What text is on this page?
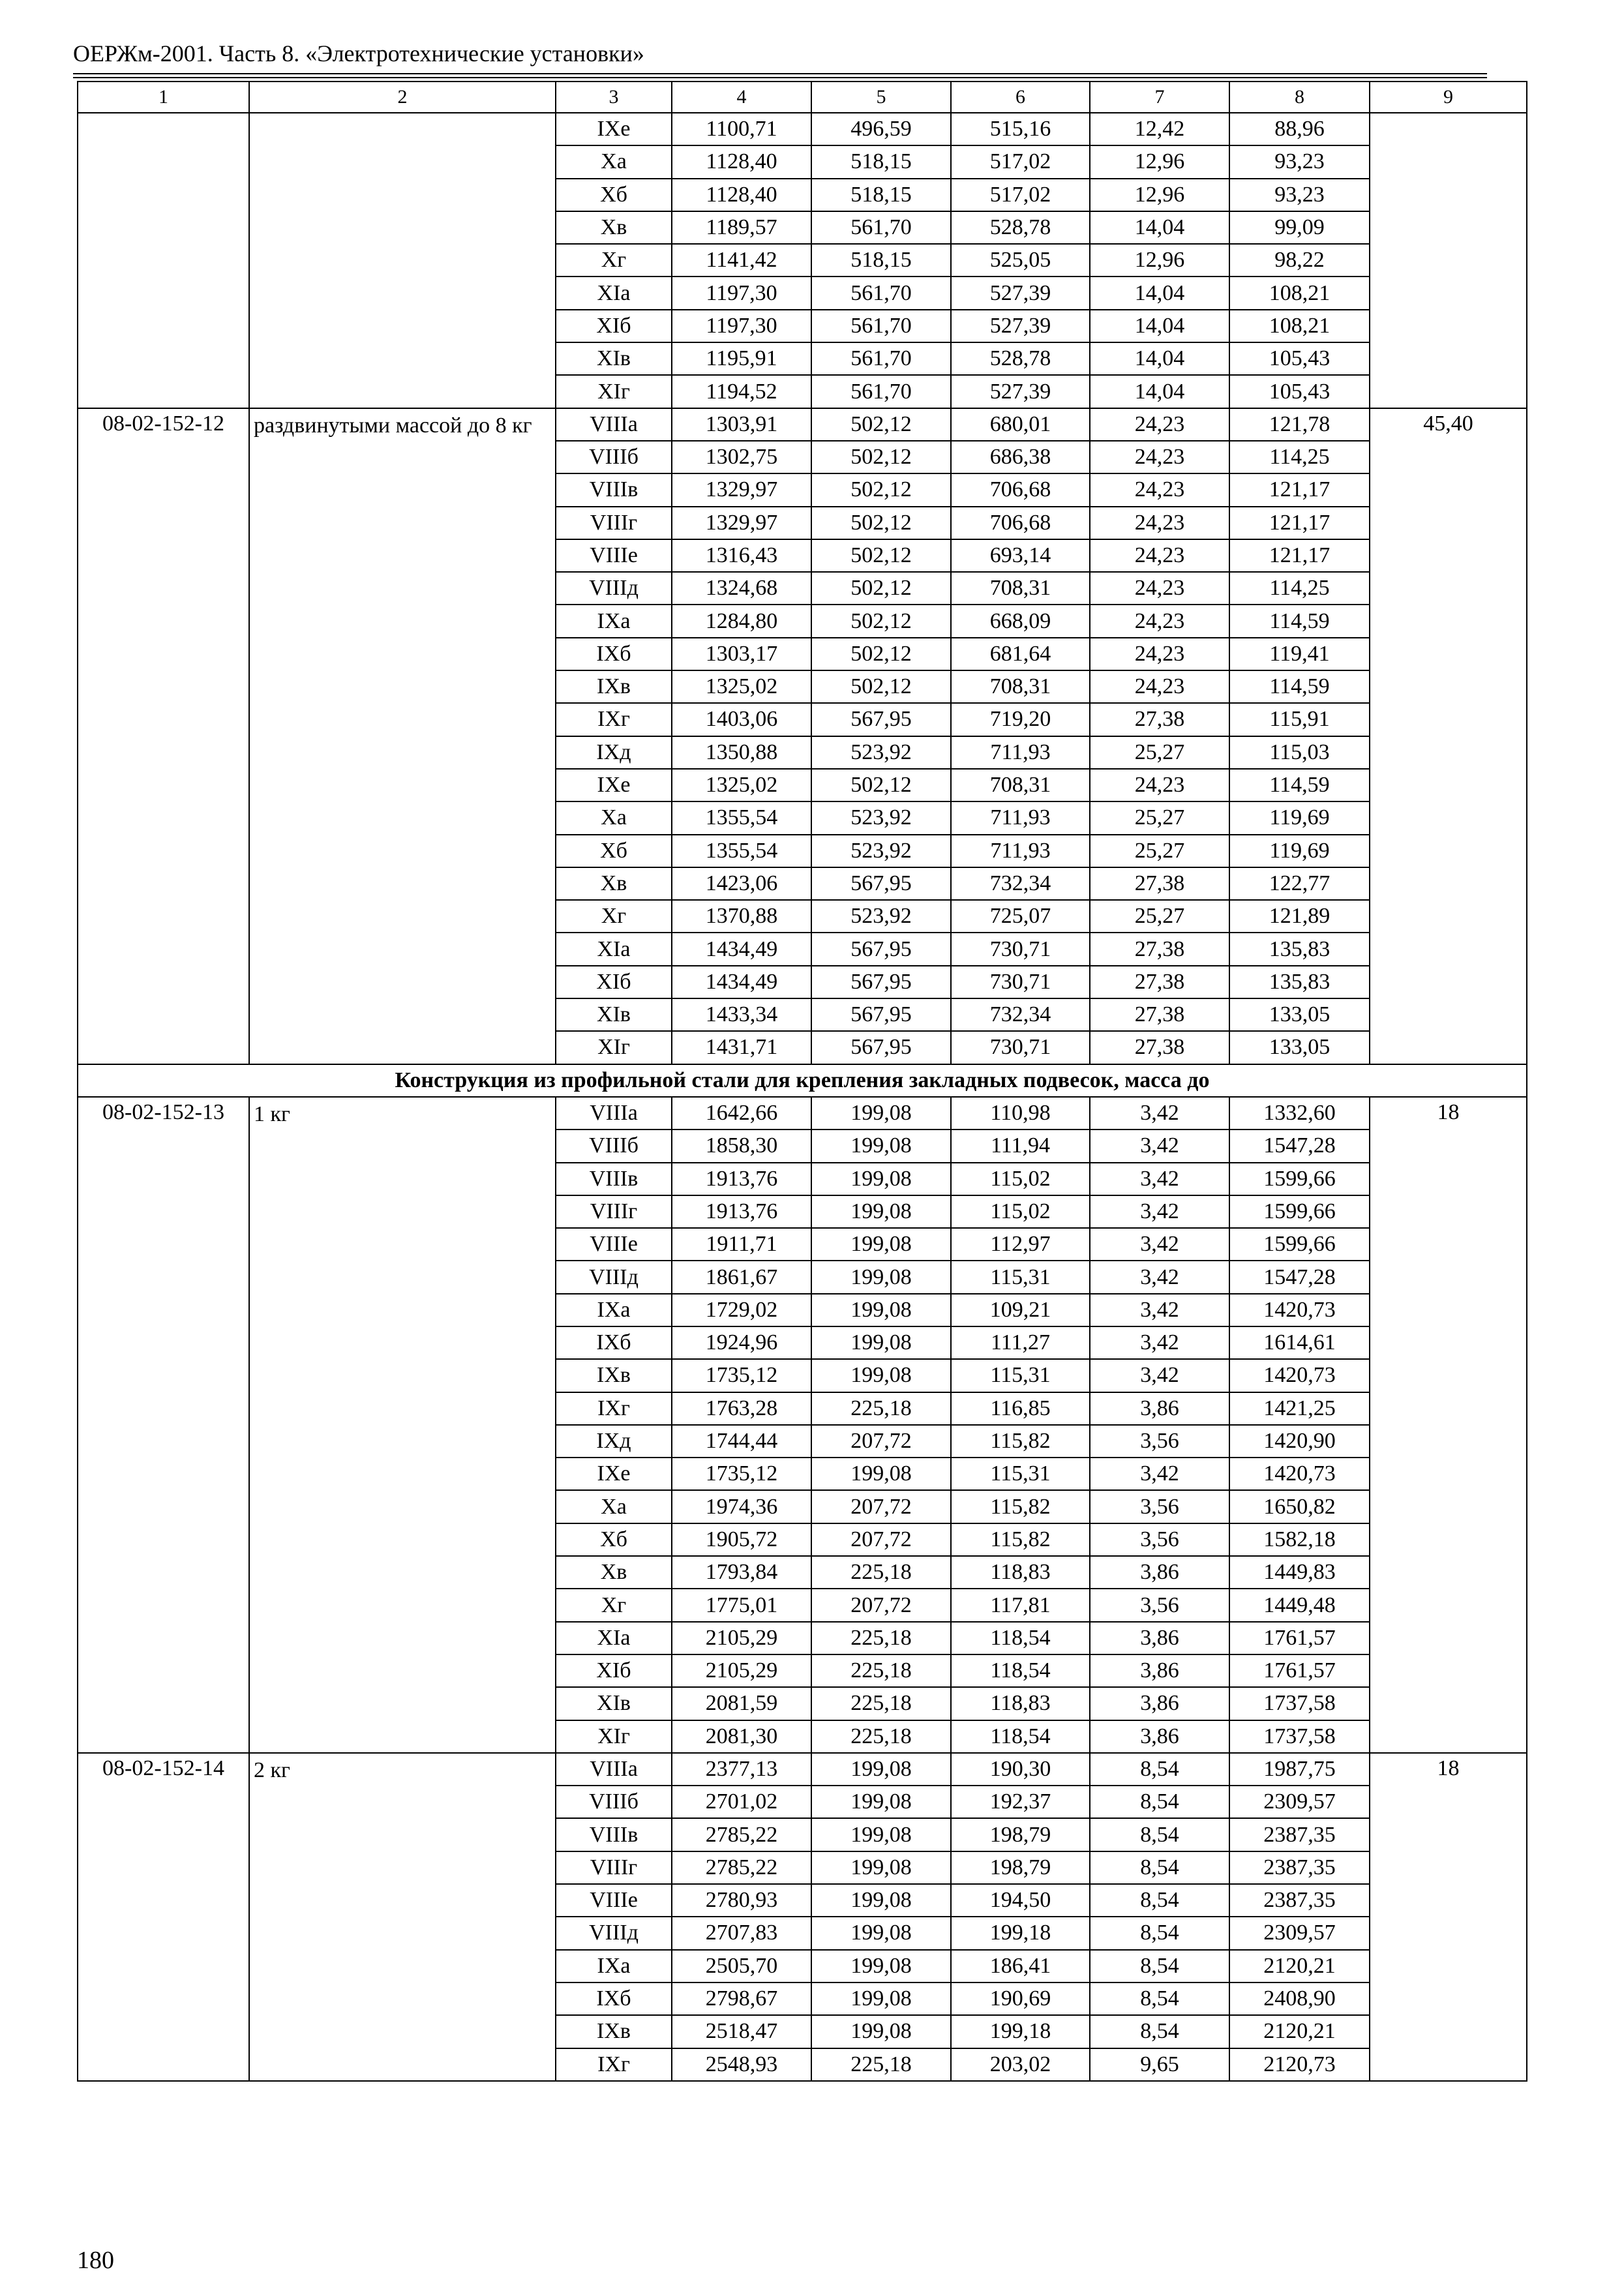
ОЕРЖм-2001. Часть 8. «Электротехнические установки»
1	2	3	4	5	6	7	8	9
		IXe	1100,71	496,59	515,16	12,42	88,96	
		Xa	1128,40	518,15	517,02	12,96	93,23	
		Xб	1128,40	518,15	517,02	12,96	93,23	
		Xв	1189,57	561,70	528,78	14,04	99,09	
		Xг	1141,42	518,15	525,05	12,96	98,22	
		XIa	1197,30	561,70	527,39	14,04	108,21	
		XIб	1197,30	561,70	527,39	14,04	108,21	
		XIв	1195,91	561,70	528,78	14,04	105,43	
		XIг	1194,52	561,70	527,39	14,04	105,43	
08-02-152-12	раздвинутыми массой до 8 кг	VIIIa	1303,91	502,12	680,01	24,23	121,78	45,40
		VIIIб	1302,75	502,12	686,38	24,23	114,25	
		VIIIв	1329,97	502,12	706,68	24,23	121,17	
		VIIIг	1329,97	502,12	706,68	24,23	121,17	
		VIIIe	1316,43	502,12	693,14	24,23	121,17	
		VIIIд	1324,68	502,12	708,31	24,23	114,25	
		IXa	1284,80	502,12	668,09	24,23	114,59	
		IXб	1303,17	502,12	681,64	24,23	119,41	
		IXв	1325,02	502,12	708,31	24,23	114,59	
		IXг	1403,06	567,95	719,20	27,38	115,91	
		IXд	1350,88	523,92	711,93	25,27	115,03	
		IXe	1325,02	502,12	708,31	24,23	114,59	
		Xa	1355,54	523,92	711,93	25,27	119,69	
		Xб	1355,54	523,92	711,93	25,27	119,69	
		Xв	1423,06	567,95	732,34	27,38	122,77	
		Xг	1370,88	523,92	725,07	25,27	121,89	
		XIa	1434,49	567,95	730,71	27,38	135,83	
		XIб	1434,49	567,95	730,71	27,38	135,83	
		XIв	1433,34	567,95	732,34	27,38	133,05	
		XIг	1431,71	567,95	730,71	27,38	133,05	
Конструкция из профильной стали для крепления закладных подвесок, масса до								
08-02-152-13	1 кг	VIIIa	1642,66	199,08	110,98	3,42	1332,60	18
		VIIIб	1858,30	199,08	111,94	3,42	1547,28	
		VIIIв	1913,76	199,08	115,02	3,42	1599,66	
		VIIIг	1913,76	199,08	115,02	3,42	1599,66	
		VIIIe	1911,71	199,08	112,97	3,42	1599,66	
		VIIIд	1861,67	199,08	115,31	3,42	1547,28	
		IXa	1729,02	199,08	109,21	3,42	1420,73	
		IXб	1924,96	199,08	111,27	3,42	1614,61	
		IXв	1735,12	199,08	115,31	3,42	1420,73	
		IXг	1763,28	225,18	116,85	3,86	1421,25	
		IXд	1744,44	207,72	115,82	3,56	1420,90	
		IXe	1735,12	199,08	115,31	3,42	1420,73	
		Xa	1974,36	207,72	115,82	3,56	1650,82	
		Xб	1905,72	207,72	115,82	3,56	1582,18	
		Xв	1793,84	225,18	118,83	3,86	1449,83	
		Xг	1775,01	207,72	117,81	3,56	1449,48	
		XIa	2105,29	225,18	118,54	3,86	1761,57	
		XIб	2105,29	225,18	118,54	3,86	1761,57	
		XIв	2081,59	225,18	118,83	3,86	1737,58	
		XIг	2081,30	225,18	118,54	3,86	1737,58	
08-02-152-14	2 кг	VIIIa	2377,13	199,08	190,30	8,54	1987,75	18
		VIIIб	2701,02	199,08	192,37	8,54	2309,57	
		VIIIв	2785,22	199,08	198,79	8,54	2387,35	
		VIIIг	2785,22	199,08	198,79	8,54	2387,35	
		VIIIe	2780,93	199,08	194,50	8,54	2387,35	
		VIIIд	2707,83	199,08	199,18	8,54	2309,57	
		IXa	2505,70	199,08	186,41	8,54	2120,21	
		IXб	2798,67	199,08	190,69	8,54	2408,90	
		IXв	2518,47	199,08	199,18	8,54	2120,21	
		IXг	2548,93	225,18	203,02	9,65	2120,73	
180
